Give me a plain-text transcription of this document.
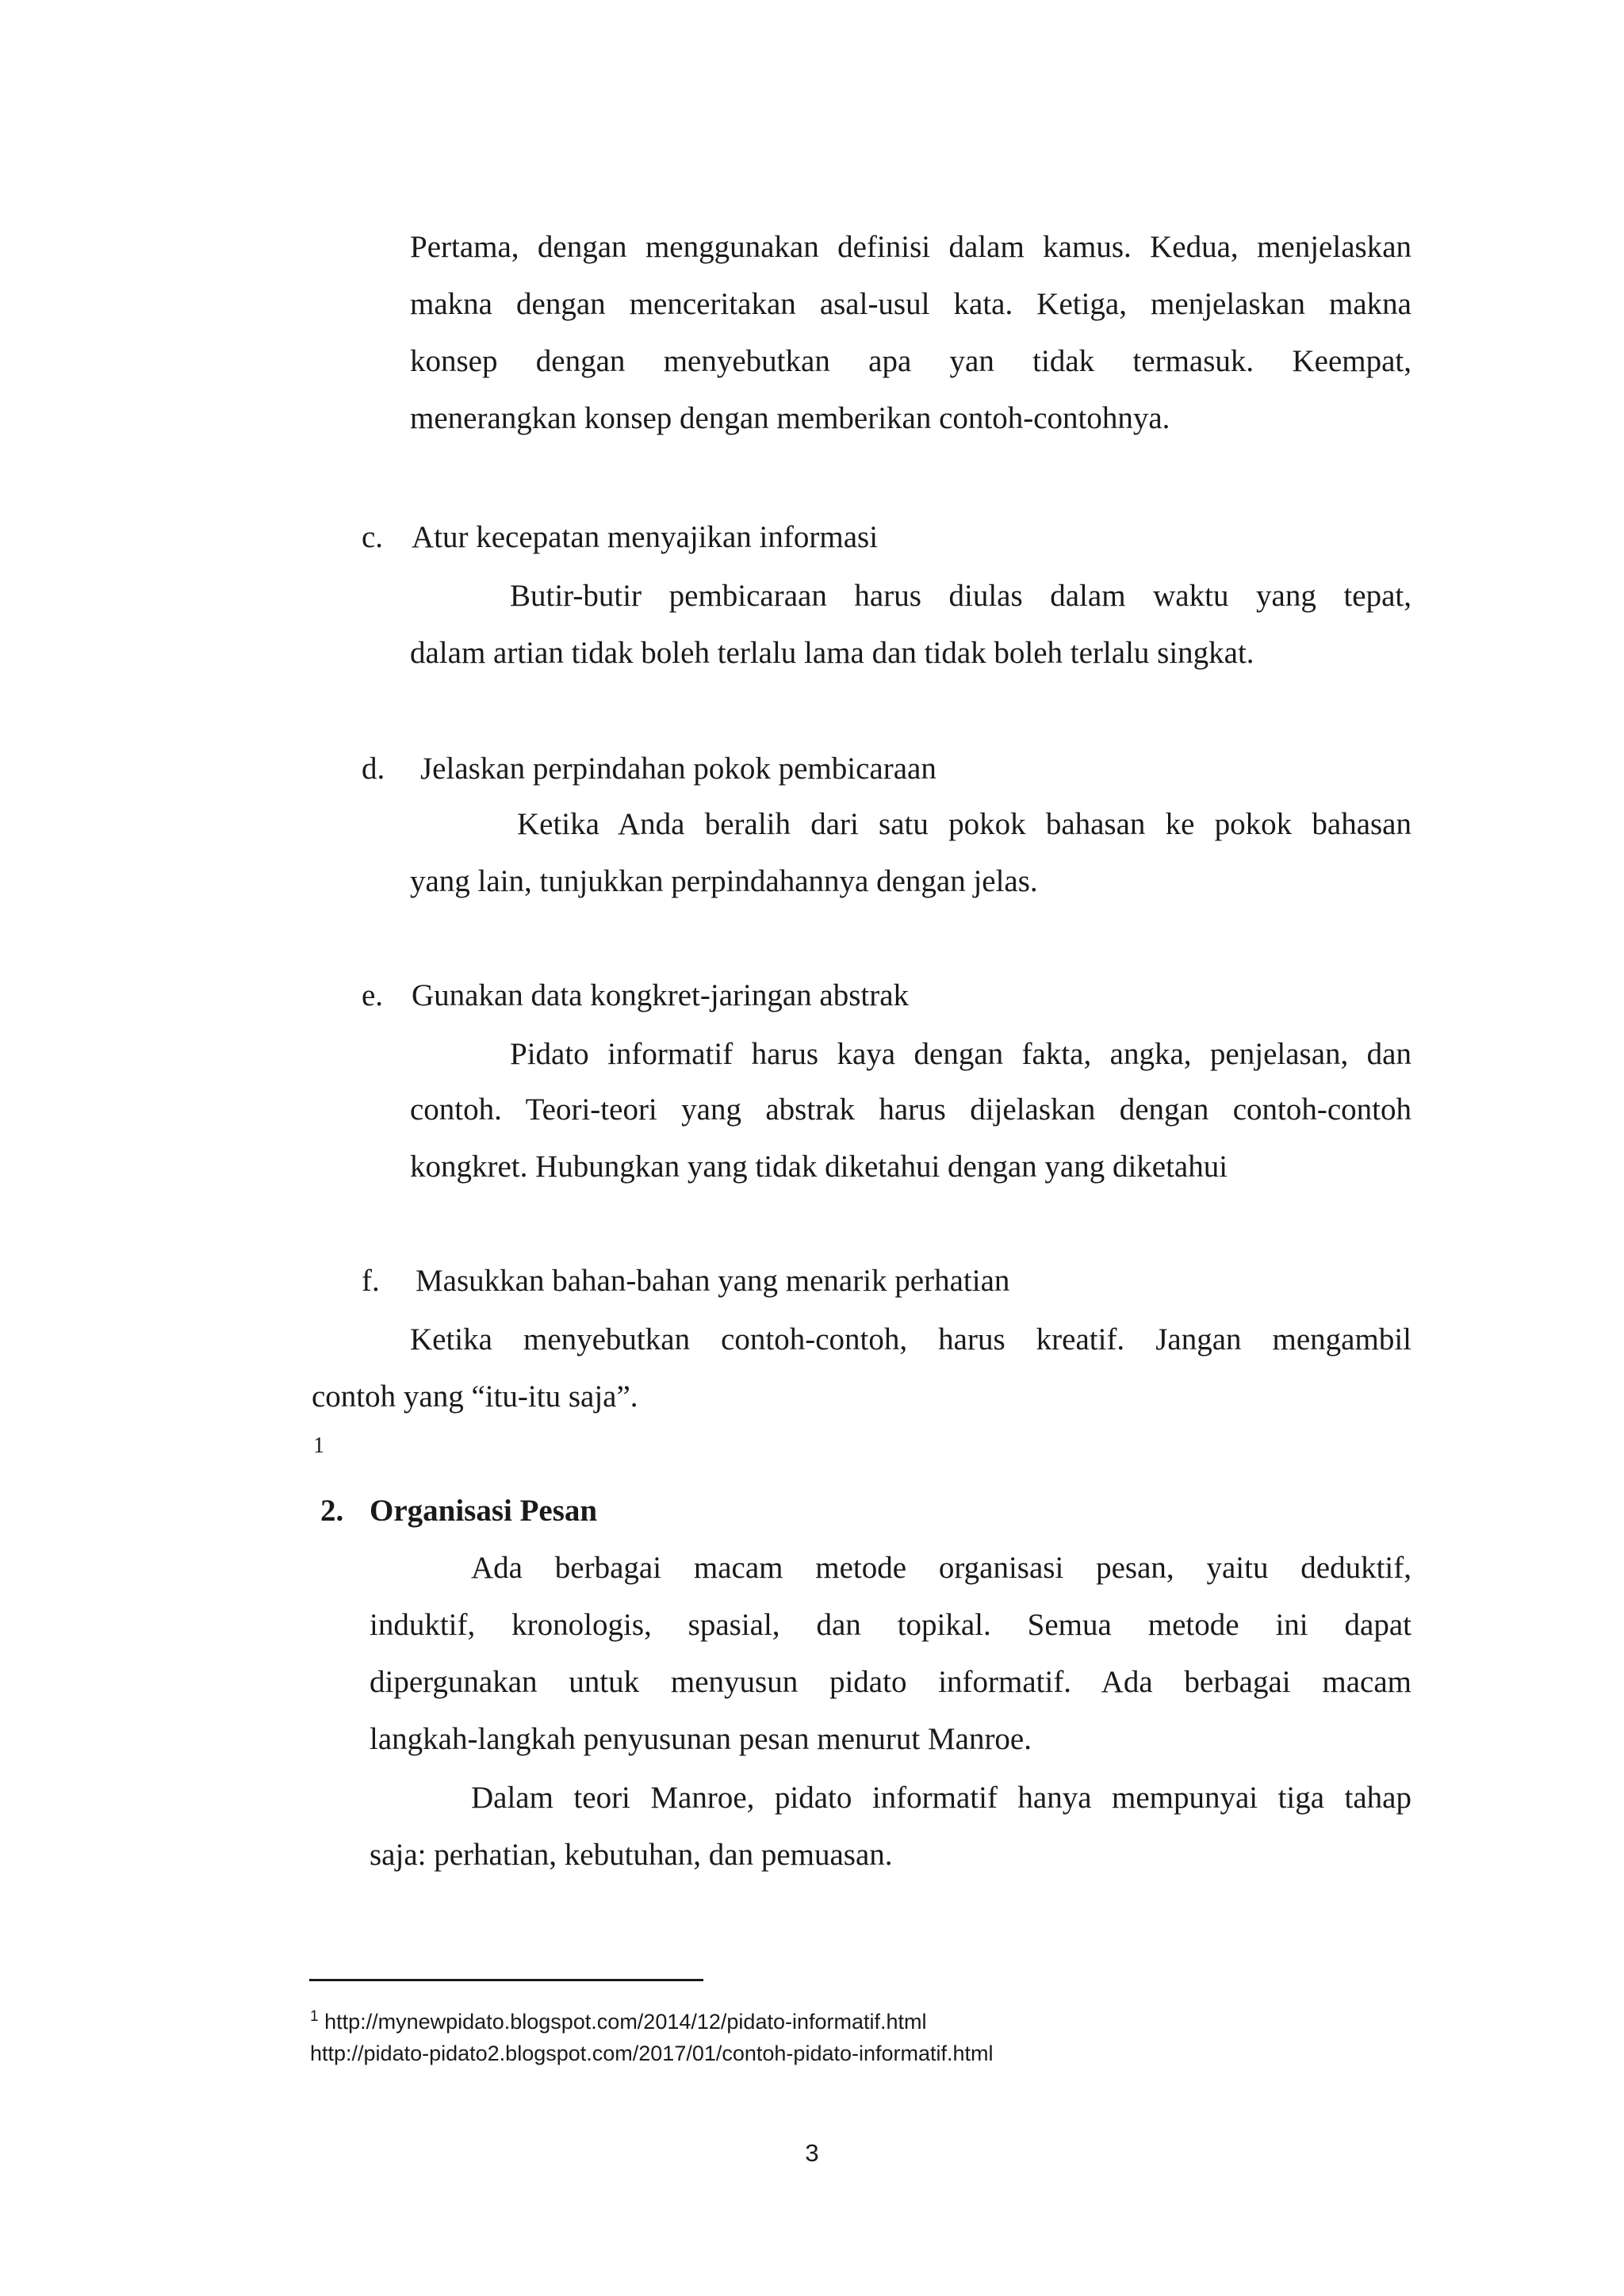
Pertama, dengan menggunakan definisi dalam kamus. Kedua, menjelaskan
makna dengan menceritakan asal-usul kata. Ketiga, menjelaskan makna
konsep dengan menyebutkan apa yan tidak termasuk. Keempat,
menerangkan konsep dengan memberikan contoh-contohnya.
c. Atur kecepatan menyajikan informasi
Butir-butir pembicaraan harus diulas dalam waktu yang tepat,
dalam artian tidak boleh terlalu lama dan tidak boleh terlalu singkat.
d. Jelaskan perpindahan pokok pembicaraan
Ketika Anda beralih dari satu pokok bahasan ke pokok bahasan
yang lain, tunjukkan perpindahannya dengan jelas.
e. Gunakan data kongkret-jaringan abstrak
Pidato informatif harus kaya dengan fakta, angka, penjelasan, dan
contoh. Teori-teori yang abstrak harus dijelaskan dengan contoh-contoh
kongkret. Hubungkan yang tidak diketahui dengan yang diketahui
f. Masukkan bahan-bahan yang menarik perhatian
Ketika menyebutkan contoh-contoh, harus kreatif. Jangan mengambil
contoh yang “itu-itu saja”.
1
2. Organisasi Pesan
Ada berbagai macam metode organisasi pesan, yaitu deduktif,
induktif, kronologis, spasial, dan topikal. Semua metode ini dapat
dipergunakan untuk menyusun pidato informatif. Ada berbagai macam
langkah-langkah penyusunan pesan menurut Manroe.
Dalam teori Manroe, pidato informatif hanya mempunyai tiga tahap
saja: perhatian, kebutuhan, dan pemuasan.
$^1$ http://mynewpidato.blogspot.com/2014/12/pidato-informatif.html
http://pidato-pidato2.blogspot.com/2017/01/contoh-pidato-informatif.html
3
